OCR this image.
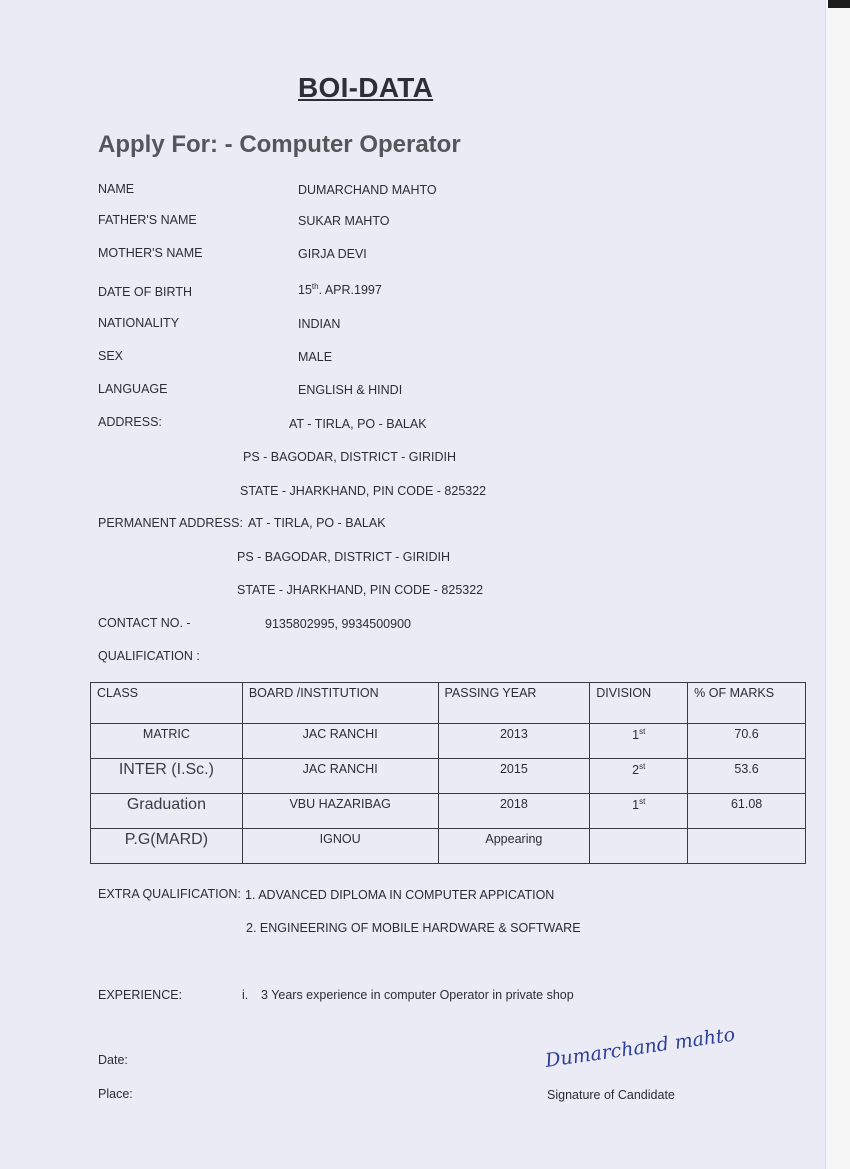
BOI-DATA
Apply For: - Computer Operator
NAME	DUMARCHAND MAHTO
FATHER'S NAME	SUKAR MAHTO
MOTHER'S NAME	GIRJA DEVI
DATE OF BIRTH	15th. APR.1997
NATIONALITY	INDIAN
SEX	MALE
LANGUAGE	ENGLISH & HINDI
ADDRESS:	AT - TIRLA, PO - BALAK
PS - BAGODAR, DISTRICT - GIRIDIH
STATE - JHARKHAND, PIN CODE - 825322
PERMANENT ADDRESS: AT - TIRLA, PO - BALAK
PS - BAGODAR, DISTRICT - GIRIDIH
STATE - JHARKHAND, PIN CODE - 825322
CONTACT NO. -	9135802995, 9934500900
QUALIFICATION :
CLASS	BOARD /INSTITUTION	PASSING YEAR	DIVISION	% OF MARKS
MATRIC	JAC RANCHI	2013	1st	70.6
INTER (I.Sc.)	JAC RANCHI	2015	2st	53.6
Graduation	VBU HAZARIBAG	2018	1st	61.08
P.G(MARD)	IGNOU	Appearing		
EXTRA QUALIFICATION: 1. ADVANCED DIPLOMA IN COMPUTER APPICATION
2. ENGINEERING OF MOBILE HARDWARE & SOFTWARE
EXPERIENCE:	i. 3 Years experience in computer Operator in private shop
Date:
Place:
Dumarchand mahto
Signature of Candidate
